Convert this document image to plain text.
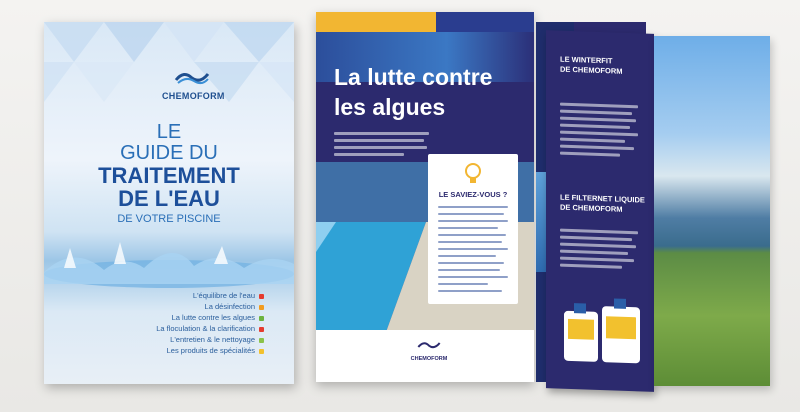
CHEMOFORM
LE
GUIDE DU
TRAITEMENT
DE L'EAU
DE VOTRE PISCINE
L'équilibre de l'eau
La désinfection
La lutte contre les algues
La floculation & la clarification
L'entretien & le nettoyage
Les produits de spécialités
La lutte contre
les algues
LE SAVIEZ-VOUS ?
CHEMOFORM
LE WINTERFIT
DE CHEMOFORM
LE FILTERNET LIQUIDE
DE CHEMOFORM
